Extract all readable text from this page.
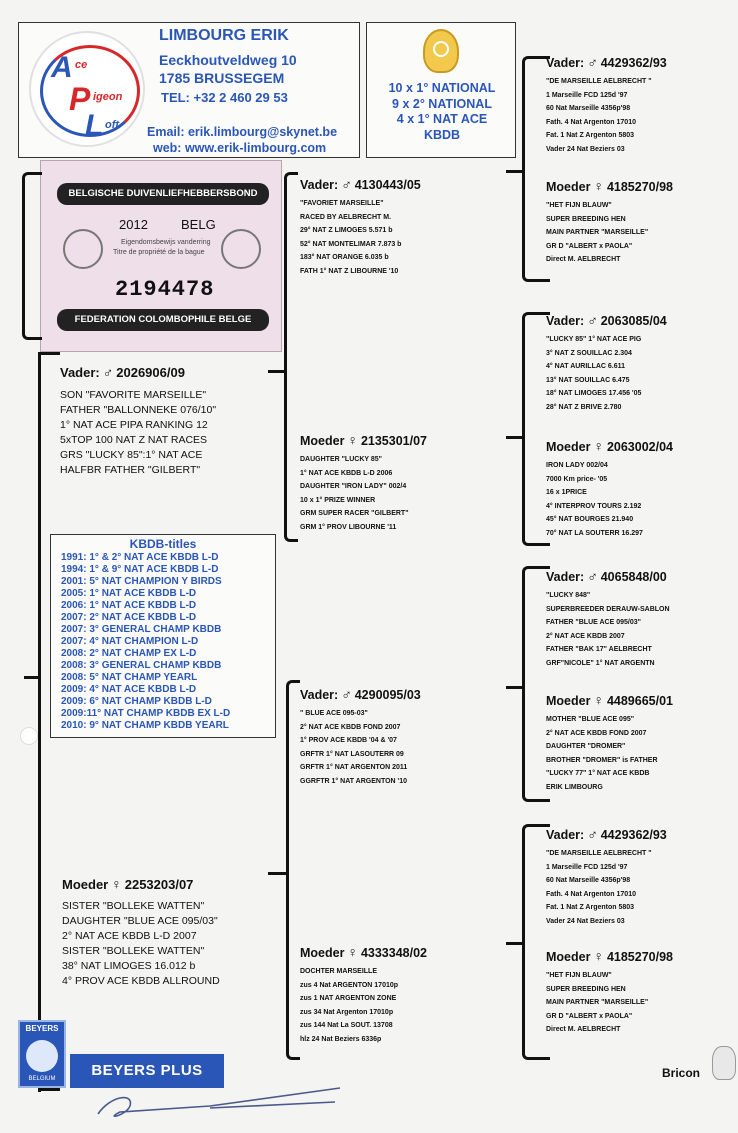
A ce
P igeon
L oft
LIMBOURG ERIK
Eeckhoutveldweg 10
1785 BRUSSEGEM
TEL: +32 2 460 29 53
Email: erik.limbourg@skynet.be
web: www.erik-limbourg.com
10 x 1° NATIONAL
9 x 2° NATIONAL
4 x 1° NAT ACE
KBDB
BELGISCHE DUIVENLIEFHEBBERSBOND
2012	BELG
Eigendomsbewijs vanderring
Titre de propriété de la bague
2194478
FEDERATION COLOMBOPHILE BELGE
Vader: ♂ 2026906/09
SON "FAVORITE MARSEILLE"
FATHER "BALLONNEKE 076/10"
1° NAT ACE PIPA RANKING 12
5xTOP 100 NAT Z NAT RACES
GRS "LUCKY 85":1° NAT ACE
HALFBR FATHER "GILBERT"
KBDB-titles
1991: 1° & 2° NAT ACE KBDB L-D
1994: 1° & 9° NAT ACE KBDB L-D
2001: 5° NAT CHAMPION Y BIRDS
2005: 1° NAT ACE KBDB L-D
2006: 1° NAT ACE KBDB L-D
2007: 2° NAT ACE KBDB L-D
2007: 3° GENERAL CHAMP KBDB
2007: 4° NAT CHAMPION L-D
2008: 2° NAT CHAMP EX L-D
2008: 3° GENERAL CHAMP KBDB
2008: 5° NAT CHAMP YEARL
2009: 4° NAT ACE KBDB L-D
2009: 6° NAT CHAMP KBDB L-D
2009:11° NAT CHAMP KBDB EX L-D
2010: 9° NAT CHAMP KBDB YEARL
Moeder ♀ 2253203/07
SISTER "BOLLEKE WATTEN"
DAUGHTER "BLUE ACE 095/03"
2° NAT ACE KBDB L-D 2007
SISTER "BOLLEKE WATTEN"
38° NAT LIMOGES 16.012 b
4° PROV ACE KBDB ALLROUND
Vader: ♂ 4130443/05
"FAVORIET MARSEILLE"
RACED BY AELBRECHT M.
29° NAT Z LIMOGES 5.571 b
52° NAT MONTELIMAR 7.873 b
183° NAT ORANGE 6.035 b
FATH 1° NAT Z LIBOURNE '10
Moeder ♀ 2135301/07
DAUGHTER "LUCKY 85"
1° NAT ACE KBDB L-D 2006
DAUGHTER "IRON LADY" 002/4
10 x 1° PRIZE WINNER
GRM SUPER RACER "GILBERT"
GRM 1° PROV LIBOURNE '11
Vader: ♂ 4290095/03
" BLUE ACE 095-03"
2° NAT ACE KBDB FOND 2007
1° PROV ACE KBDB '04 & '07
GRFTR 1° NAT LASOUTERR 09
GRFTR 1° NAT ARGENTON 2011
GGRFTR 1° NAT ARGENTON '10
Moeder ♀ 4333348/02
DOCHTER MARSEILLE
zus 4 Nat ARGENTON 17010p
zus 1 NAT ARGENTON ZONE
zus 34 Nat Argenton 17010p
zus 144 Nat La SOUT. 13708
hlz 24 Nat Beziers 6336p
Vader: ♂ 4429362/93
"DE MARSEILLE AELBRECHT "
1 Marseille FCD 125d '97
60 Nat Marseille 4356p'98
Fath. 4 Nat Argenton 17010
Fat. 1 Nat Z Argenton 5803
Vader 24 Nat Beziers 03
Moeder ♀ 4185270/98
"HET FIJN BLAUW"
SUPER BREEDING HEN
MAIN PARTNER "MARSEILLE"
GR D "ALBERT x PAOLA"
Direct M. AELBRECHT
Vader: ♂ 2063085/04
"LUCKY 85" 1° NAT ACE PIG
3° NAT Z SOUILLAC 2.304
4° NAT AURILLAC 6.611
13° NAT SOUILLAC 6.475
18° NAT LIMOGES 17.456 '05
28° NAT Z BRIVE 2.780
Moeder ♀ 2063002/04
IRON LADY 002/04
7000 Km price- '05
16 x 1PRICE
4° INTERPROV TOURS 2.192
45° NAT BOURGES 21.940
70° NAT LA SOUTERR 16.297
Vader: ♂ 4065848/00
"LUCKY 848"
SUPERBREEDER DERAUW-SABLON
FATHER "BLUE ACE 095/03"
2° NAT ACE KBDB 2007
FATHER "BAK 17" AELBRECHT
GRF"NICOLE" 1° NAT ARGENTN
Moeder ♀ 4489665/01
MOTHER "BLUE ACE 095"
2° NAT ACE KBDB FOND 2007
DAUGHTER "DROMER"
BROTHER "DROMER" is FATHER
"LUCKY 77" 1° NAT ACE KBDB
ERIK LIMBOURG
Vader: ♂ 4429362/93
"DE MARSEILLE AELBRECHT "
1 Marseille FCD 125d '97
60 Nat Marseille 4356p'98
Fath. 4 Nat Argenton 17010
Fat. 1 Nat Z Argenton 5803
Vader 24 Nat Beziers 03
Moeder ♀ 4185270/98
"HET FIJN BLAUW"
SUPER BREEDING HEN
MAIN PARTNER "MARSEILLE"
GR D "ALBERT x PAOLA"
Direct M. AELBRECHT
BEYERS
BELGIUM	BEYERS PLUS	Bricon
